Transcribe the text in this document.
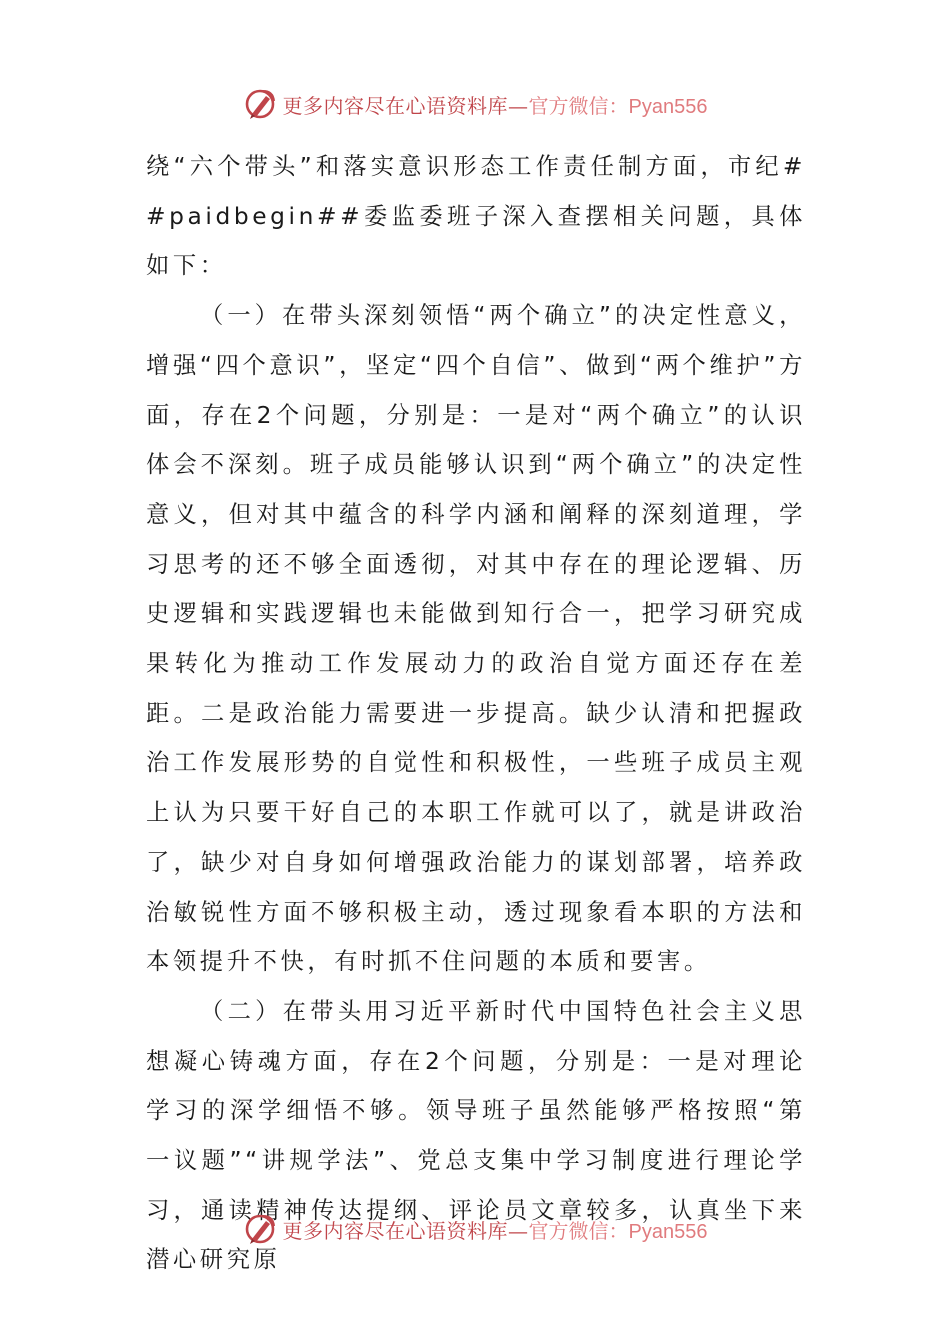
更多内容尽在心语资料库— 官方微信：Pyan556

绕“六个带头”和落实意识形态工作责任制方面，市纪##paidbegin##委监委班子深入查摆相关问题，具体如下：

（一）在带头深刻领悟“两个确立”的决定性意义，增强“四个意识”，坚定“四个自信”、做到“两个维护”方面，存在2个问题，分别是：一是对“两个确立”的认识体会不深刻。班子成员能够认识到“两个确立”的决定性意义，但对其中蕴含的科学内涵和阐释的深刻道理，学习思考的还不够全面透彻，对其中存在的理论逻辑、历史逻辑和实践逻辑也未能做到知行合一，把学习研究成果转化为推动工作发展动力的政治自觉方面还存在差距。二是政治能力需要进一步提高。缺少认清和把握政治工作发展形势的自觉性和积极性，一些班子成员主观上认为只要干好自己的本职工作就可以了，就是讲政治了，缺少对自身如何增强政治能力的谋划部署，培养政治敏锐性方面不够积极主动，透过现象看本职的方法和本领提升不快，有时抓不住问题的本质和要害。

（二）在带头用习近平新时代中国特色社会主义思想凝心铸魂方面，存在2个问题，分别是：一是对理论学习的深学细悟不够。领导班子虽然能够严格按照“第一议题”“讲规学法”、党总支集中学习制度进行理论学习，通读精神传达提纲、评论员文章较多，认真坐下来潜心研究原

更多内容尽在心语资料库— 官方微信：Pyan556
